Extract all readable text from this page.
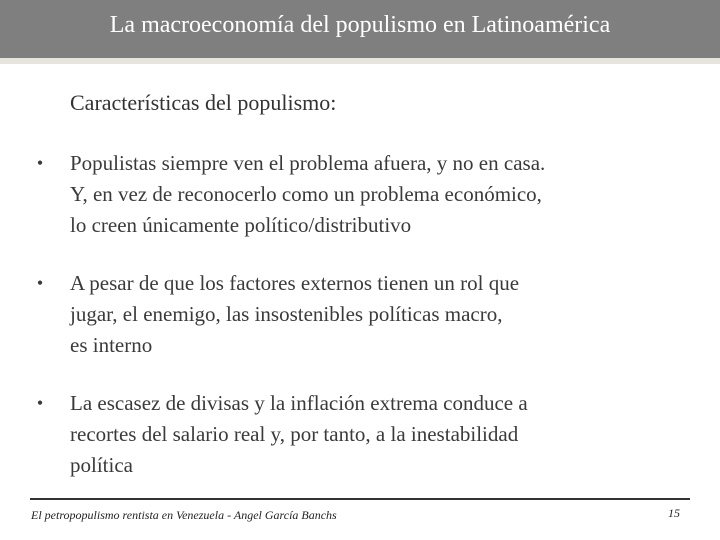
La macroeconomía del populismo en Latinoamérica
Características del populismo:
•	Populistas siempre ven el problema afuera, y no en casa.
Y, en vez de reconocerlo como un problema económico,
lo creen únicamente político/distributivo
•	A pesar de que los factores externos tienen un rol que
jugar, el enemigo, las insostenibles políticas macro,
es interno
•	La escasez de divisas y la inflación extrema conduce a
recortes del salario real y, por tanto, a la inestabilidad
política
El petropopulismo rentista en Venezuela - Angel García Banchs	15
